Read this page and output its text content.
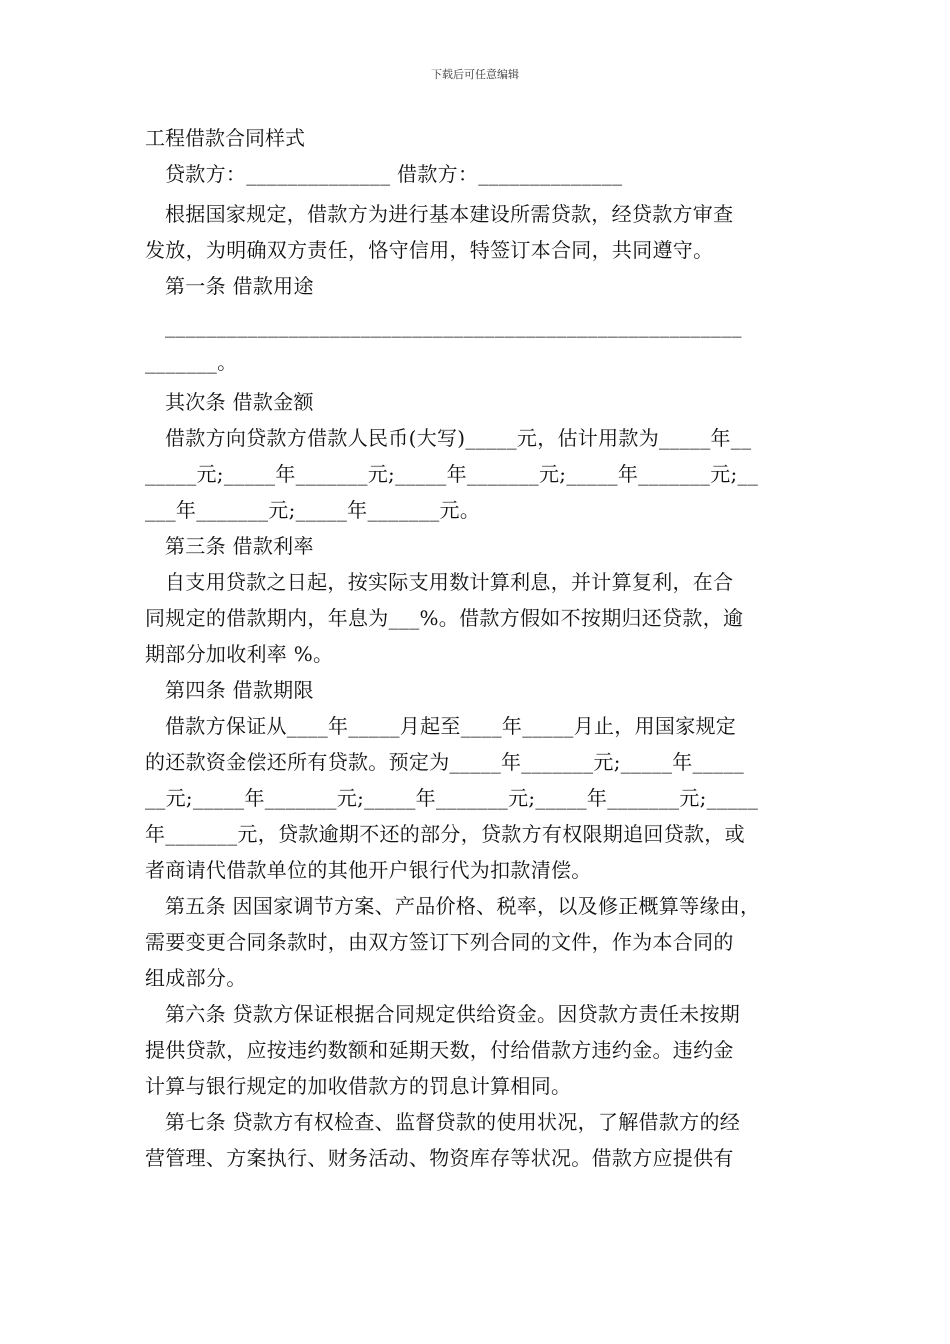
下载后可任意编辑
工程借款合同样式
贷款方：______________ 借款方：______________
根据国家规定，借款方为进行基本建设所需贷款，经贷款方审查
发放，为明确双方责任，恪守信用，特签订本合同，共同遵守。
第一条 借款用途
________________________________________________________
_______。
其次条 借款金额
借款方向贷款方借款人民币(大写)_____元，估计用款为_____年__
_____元;_____年_______元;_____年_______元;_____年_______元;__
___年_______元;_____年_______元。
第三条 借款利率
自支用贷款之日起，按实际支用数计算利息，并计算复利，在合
同规定的借款期内，年息为___%。借款方假如不按期归还贷款，逾
期部分加收利率 %。
第四条 借款期限
借款方保证从____年_____月起至____年_____月止，用国家规定
的还款资金偿还所有贷款。预定为_____年_______元;_____年_____
__元;_____年_______元;_____年_______元;_____年_______元;_____
年_______元，贷款逾期不还的部分，贷款方有权限期追回贷款，或
者商请代借款单位的其他开户银行代为扣款清偿。
第五条 因国家调节方案、产品价格、税率，以及修正概算等缘由，
需要变更合同条款时，由双方签订下列合同的文件，作为本合同的
组成部分。
第六条 贷款方保证根据合同规定供给资金。因贷款方责任未按期
提供贷款，应按违约数额和延期天数，付给借款方违约金。违约金
计算与银行规定的加收借款方的罚息计算相同。
第七条 贷款方有权检查、监督贷款的使用状况，了解借款方的经
营管理、方案执行、财务活动、物资库存等状况。借款方应提供有
